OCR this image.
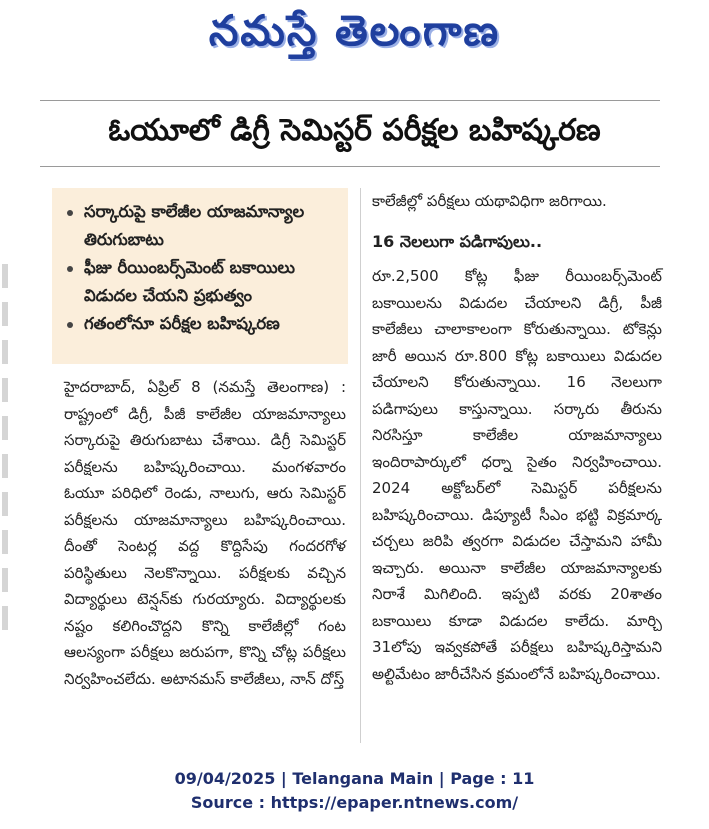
నమస్తే తెలంగాణ
ఓయూలో డిగ్రీ సెమిస్టర్ పరీక్షల బహిష్కరణ
సర్కారుపై కాలేజీల యాజమాన్యాల తిరుగుబాటు
ఫీజు రీయింబర్స్‌మెంట్ బకాయిలు విడుదల చేయని ప్రభుత్వం
గతంలోనూ పరీక్షల బహిష్కరణ
హైదరాబాద్, ఏప్రిల్ 8 (నమస్తే తెలంగాణ) : రాష్ట్రంలో డిగ్రీ, పీజీ కాలేజీల యాజమాన్యాలు సర్కారుపై తిరుగుబాటు చేశాయి. డిగ్రీ సెమిస్టర్ పరీక్షలను బహిష్కరించాయి. మంగళవారం ఓయూ పరిధిలో రెండు, నాలుగు, ఆరు సెమిస్టర్ పరీక్షలను యాజమాన్యాలు బహిష్కరించాయి. దీంతో సెంటర్ల వద్ద కొద్దిసేపు గందరగోళ పరిస్థితులు నెలకొన్నాయి. పరీక్షలకు వచ్చిన విద్యార్థులు టెన్షన్‌కు గురయ్యారు. విద్యార్థులకు నష్టం కలిగించొద్దని కొన్ని కాలేజీల్లో గంట ఆలస్యంగా పరీక్షలు జరుపగా, కొన్ని చోట్ల పరీక్షలు నిర్వహించలేదు. అటానమస్ కాలేజీలు, నాన్ దోస్త్
కాలేజీల్లో పరీక్షలు యథావిధిగా జరిగాయి.
16 నెలలుగా పడిగాపులు..
రూ.2,500 కోట్ల ఫీజు రీయింబర్స్‌మెంట్ బకాయిలను విడుదల చేయాలని డిగ్రీ, పీజీ కాలేజీలు చాలాకాలంగా కోరుతున్నాయి. టోకెన్లు జారీ అయిన రూ.800 కోట్ల బకాయిలు విడుదల చేయాలని కోరుతున్నాయి. 16 నెలలుగా పడిగాపులు కాస్తున్నాయి. సర్కారు తీరును నిరసిస్తూ కాలేజీల యాజమాన్యాలు ఇందిరాపార్కులో ధర్నా సైతం నిర్వహించాయి. 2024 అక్టోబర్‌లో సెమిస్టర్ పరీక్షలను బహిష్కరించాయి. డిప్యూటీ సీఎం భట్టి విక్రమార్క చర్చలు జరిపి త్వరగా విడుదల చేస్తామని హామీ ఇచ్చారు. అయినా కాలేజీల యాజమాన్యాలకు నిరాశే మిగిలింది. ఇప్పటి వరకు 20శాతం బకాయిలు కూడా విడుదల కాలేదు. మార్చి 31లోపు ఇవ్వకపోతే పరీక్షలు బహిష్కరిస్తామని అల్టిమేటం జారీచేసిన క్రమంలోనే బహిష్కరించాయి.
09/04/2025 | Telangana Main | Page : 11
Source : https://epaper.ntnews.com/
